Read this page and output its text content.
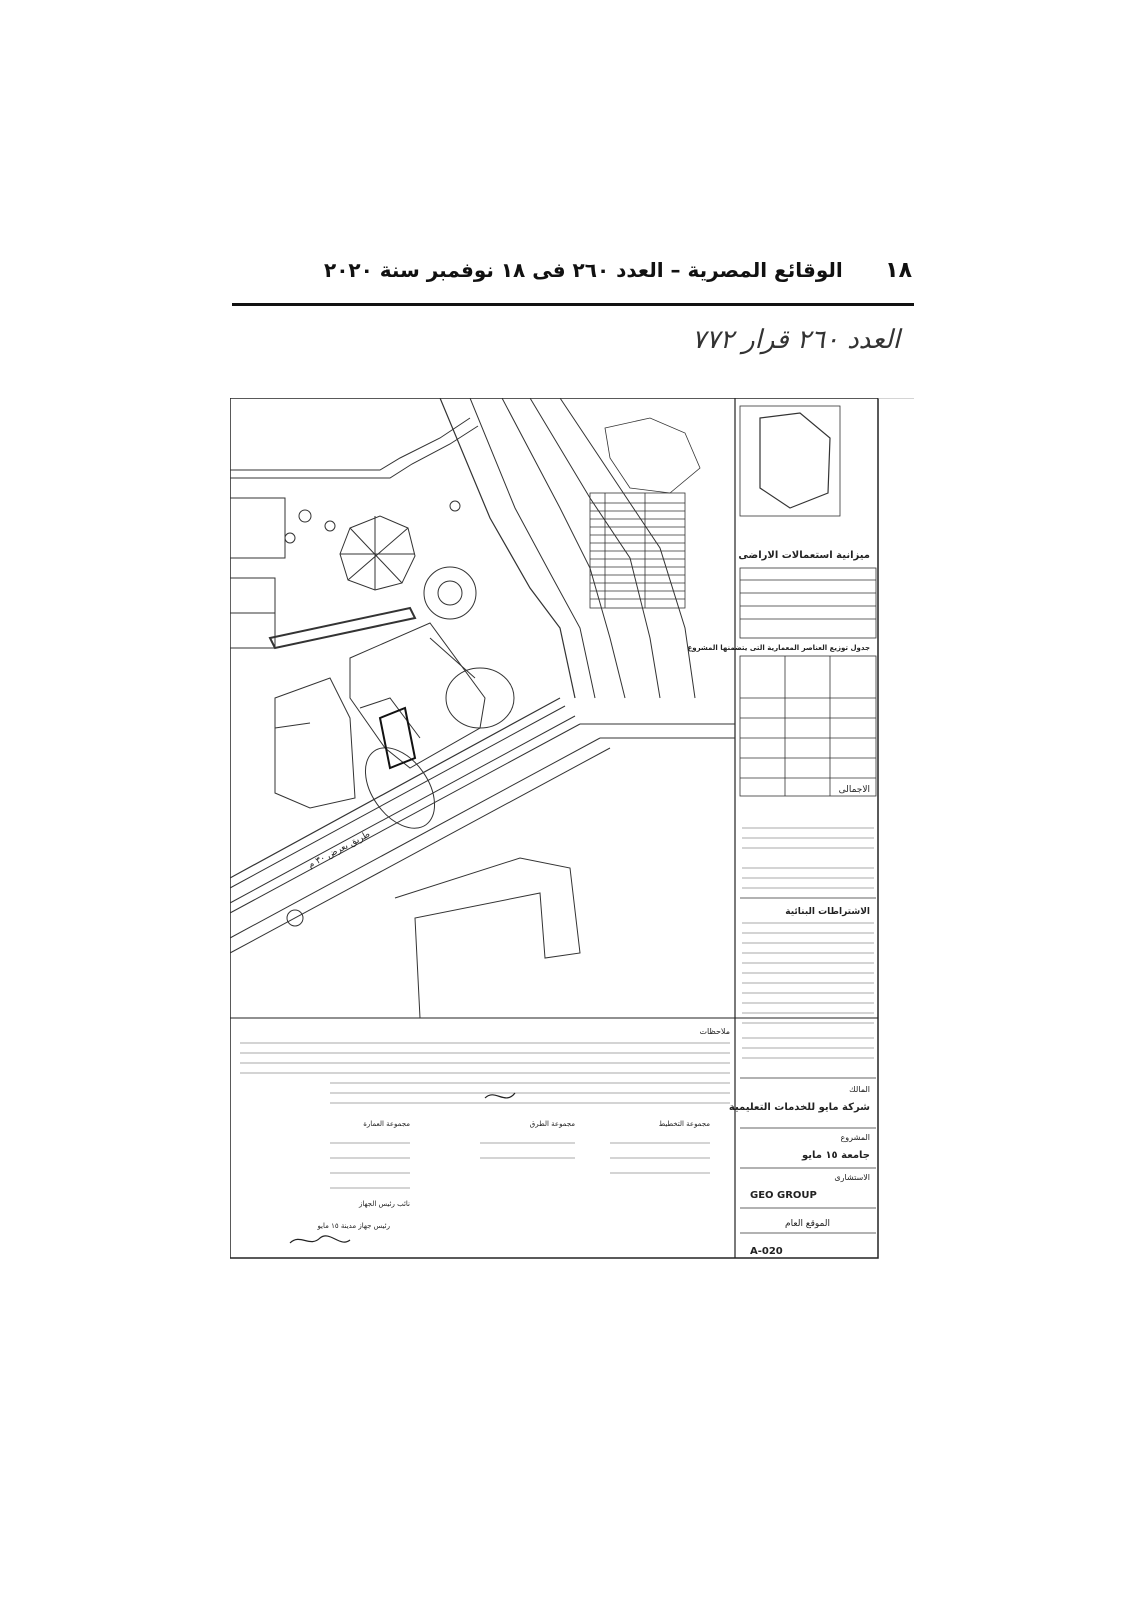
١٨
الوقائع المصرية – العدد ٢٦٠ فى ١٨ نوفمبر سنة ٢٠٢٠
العدد ٢٦٠ قرار ٧٧٢
طريق بعرض ٣٠ م
ميزانية استعمالات الاراضى
جدول توزيع العناصر المعمارية التى يتضمنها المشروع
الاجمالى
الاشتراطات البنائية
المالك
شركة مايو للخدمات التعليمية
المشروع
جامعة ١٥ مايو
الاستشارى
GEO GROUP
الموقع العام
A-020
ملاحظات
مجموعة التخطيط
مجموعة الطرق
مجموعة العمارة
نائب رئيس الجهاز
رئيس جهاز مدينة ١٥ مايو
